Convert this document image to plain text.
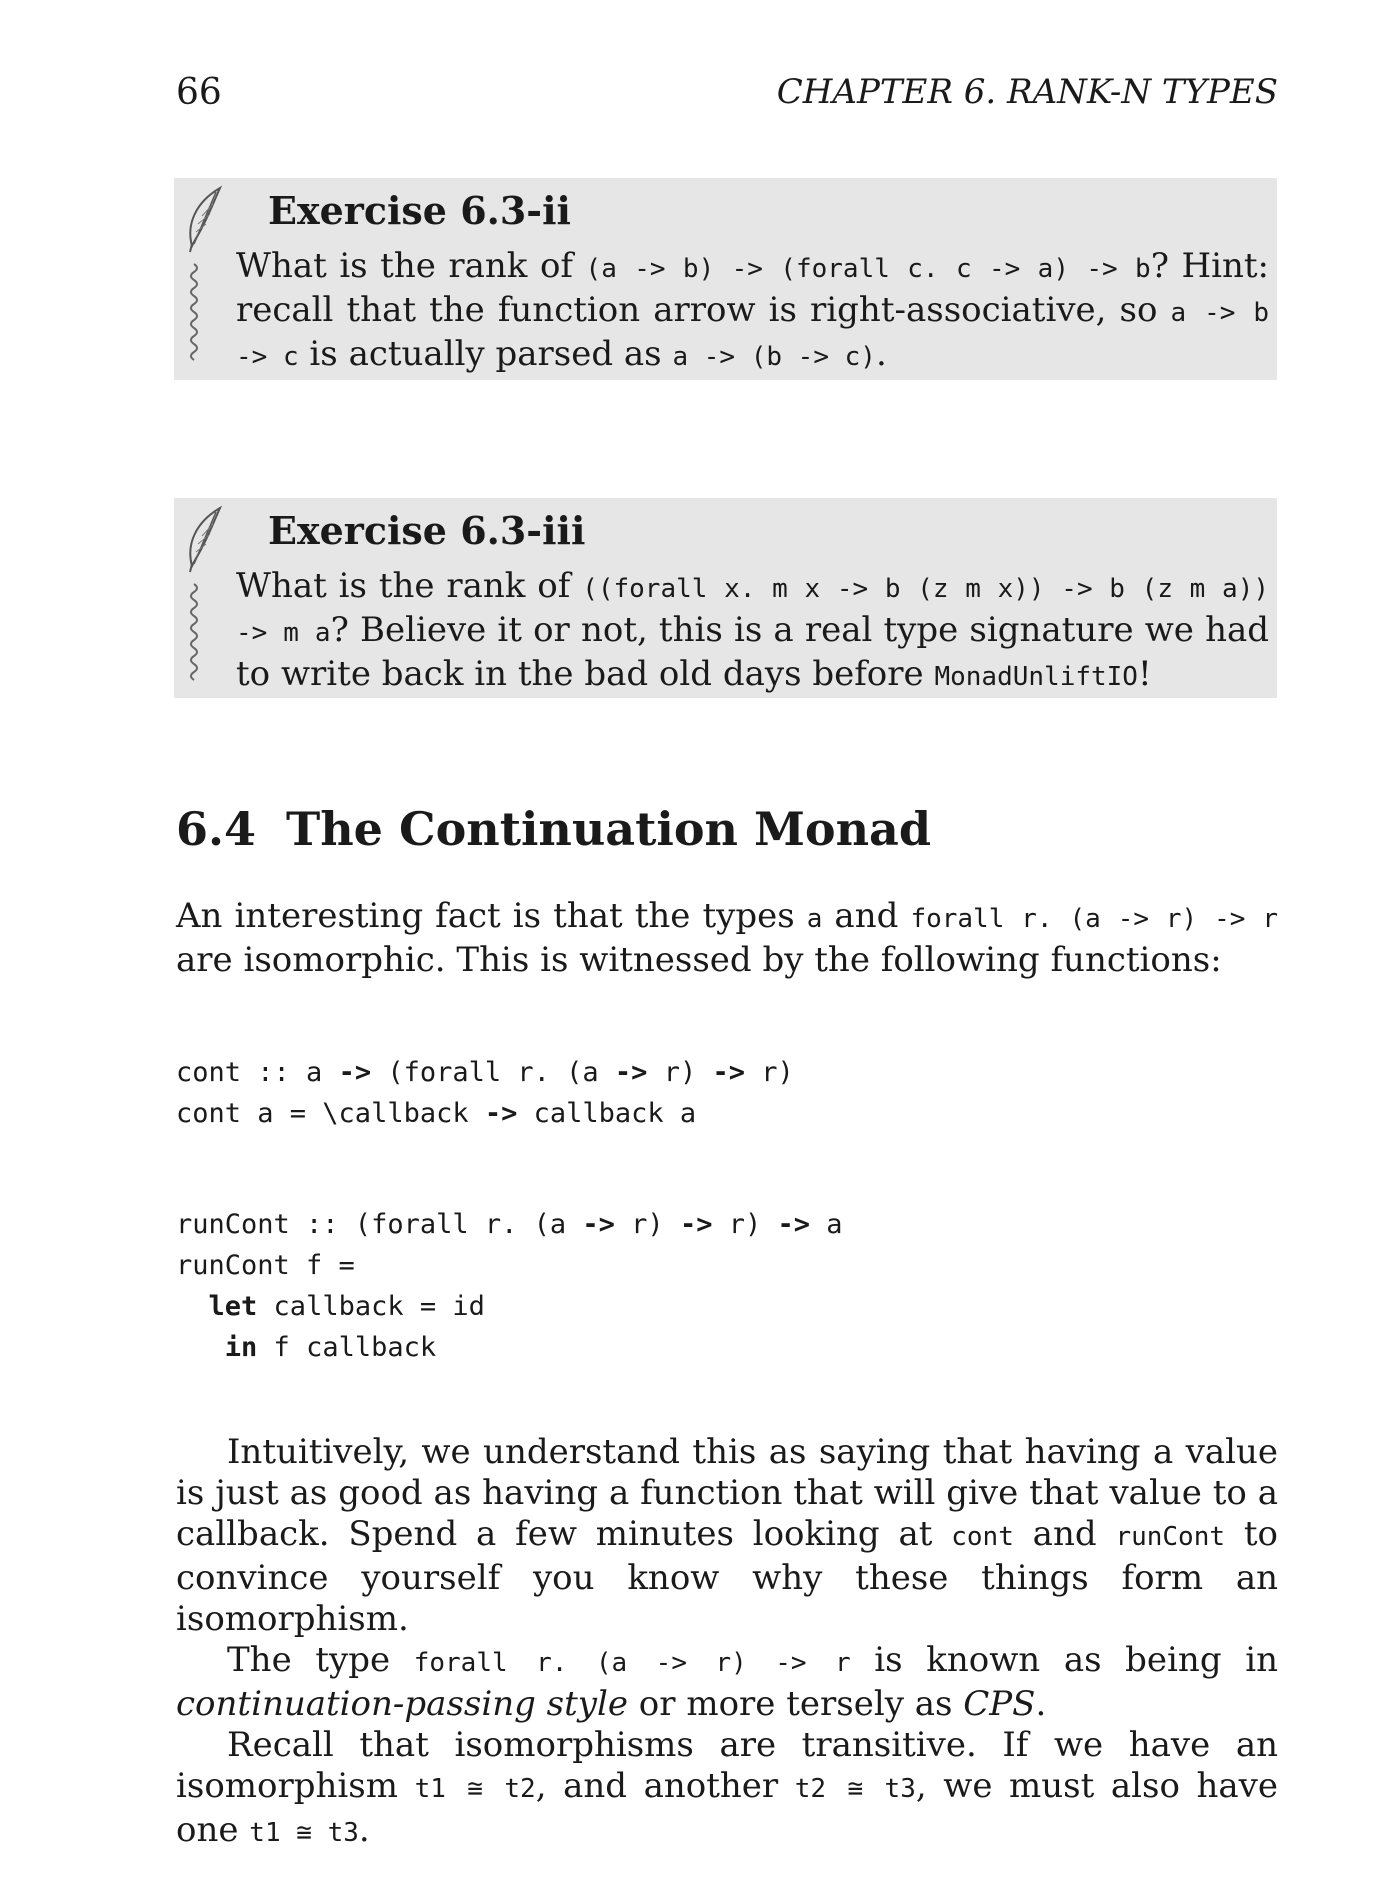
66	CHAPTER 6. RANK-N TYPES
Exercise 6.3-ii
What is the rank of (a -> b) -> (forall c. c -> a) -> b? Hint: recall that the function arrow is right-associative, so a -> b -> c is actually parsed as a -> (b -> c).
Exercise 6.3-iii
What is the rank of ((forall x. m x -> b (z m x)) -> b (z m a)) -> m a? Believe it or not, this is a real type signature we had to write back in the bad old days before MonadUnliftIO!
6.4 The Continuation Monad
An interesting fact is that the types a and forall r. (a -> r) -> r are isomorphic. This is witnessed by the following functions:
cont :: a -> (forall r. (a -> r) -> r)
cont a = \callback -> callback a
runCont :: (forall r. (a -> r) -> r) -> a
runCont f =
let callback = id
in f callback

Intuitively, we understand this as saying that having a value is just as good as having a function that will give that value to a callback. Spend a few minutes looking at cont and runCont to convince yourself you know why these things form an isomorphism.

The type forall r. (a -> r) -> r is known as being in continuation-passing style or more tersely as CPS.

Recall that isomorphisms are transitive. If we have an isomorphism t1 ≅ t2, and another t2 ≅ t3, we must also have one t1 ≅ t3.
